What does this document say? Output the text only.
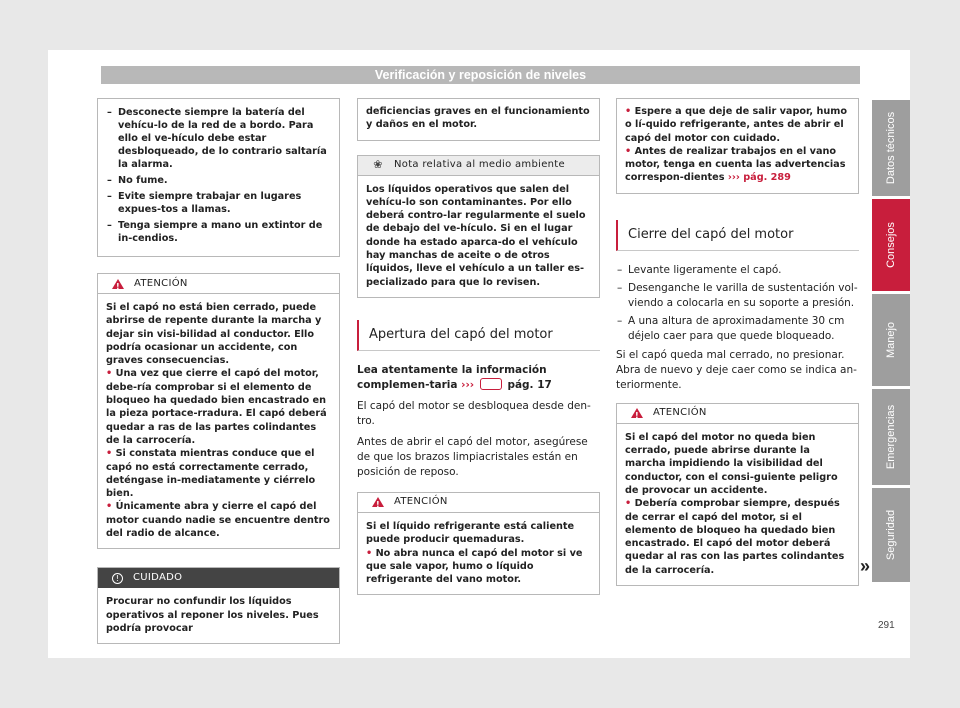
Verificación y reposición de niveles
– Desconecte siempre la batería del vehícu-lo de la red de a bordo. Para ello el ve-hículo debe estar desbloqueado, de lo contrario saltaría la alarma.
– No fume.
– Evite siempre trabajar en lugares expues-tos a llamas.
– Tenga siempre a mano un extintor de in-cendios.
!
ATENCIÓN
Si el capó no está bien cerrado, puede abrirse de repente durante la marcha y dejar sin visi-bilidad al conductor. Ello podría ocasionar un accidente, con graves consecuencias.
• Una vez que cierre el capó del motor, debe-ría comprobar si el elemento de bloqueo ha quedado bien encastrado en la pieza portace-rradura. El capó deberá quedar a ras de las partes colindantes de la carrocería.
• Si constata mientras conduce que el capó no está correctamente cerrado, deténgase in-mediatamente y ciérrelo bien.
• Únicamente abra y cierre el capó del motor cuando nadie se encuentre dentro del radio de alcance.
!	CUIDADO
Procurar no confundir los líquidos operativos al reponer los niveles. Pues podría provocar
deficiencias graves en el funcionamiento y daños en el motor.
❀ Nota relativa al medio ambiente
Los líquidos operativos que salen del vehícu-lo son contaminantes. Por ello deberá contro-lar regularmente el suelo de debajo del ve-hículo. Si en el lugar donde ha estado aparca-do el vehículo hay manchas de aceite o de otros líquidos, lleve el vehículo a un taller es-pecializado para que lo revisen.
Apertura del capó del motor
Lea atentamente la información complemen-taria ›››	pág. 17
El capó del motor se desbloquea desde den-tro.
Antes de abrir el capó del motor, asegúrese de que los brazos limpiacristales están en posición de reposo.
!
ATENCIÓN
Si el líquido refrigerante está caliente puede producir quemaduras.
• No abra nunca el capó del motor si ve que sale vapor, humo o líquido refrigerante del vano motor.
• Espere a que deje de salir vapor, humo o lí-quido refrigerante, antes de abrir el capó del motor con cuidado.
• Antes de realizar trabajos en el vano motor, tenga en cuenta las advertencias correspon-dientes ››› pág. 289
Cierre del capó del motor
– Levante ligeramente el capó.
– Desenganche le varilla de sustentación vol-viendo a colocarla en su soporte a presión.
– A una altura de aproximadamente 30 cm déjelo caer para que quede bloqueado.
Si el capó queda mal cerrado, no presionar. Abra de nuevo y deje caer como se indica an-teriormente.
!
ATENCIÓN
Si el capó del motor no queda bien cerrado, puede abrirse durante la marcha impidiendo la visibilidad del conductor, con el consi-guiente peligro de provocar un accidente.
• Debería comprobar siempre, después de cerrar el capó del motor, si el elemento de bloqueo ha quedado bien encastrado. El capó del motor deberá quedar al ras con las partes colindantes de la carrocería.	»
Datos técnicos
Consejos
Manejo
Emergencias
Seguridad
291
